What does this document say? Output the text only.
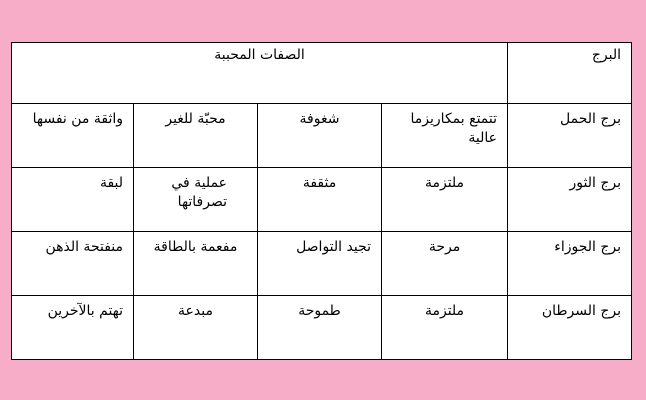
البرج	الصفات المحببة			
برج الحمل	تتمتع بمكاريزما عالية	شغوفة	محبّة للغير	واثقة من نفسها
برج الثور	ملتزمة	مثقفة	عملية في تصرفاتها	لبقة
برج الجوزاء	مرحة	تجيد التواصل	مفعمة بالطاقة	منفتحة الذهن
برج السرطان	ملتزمة	طموحة	مبدعة	تهتم بالآخرين
